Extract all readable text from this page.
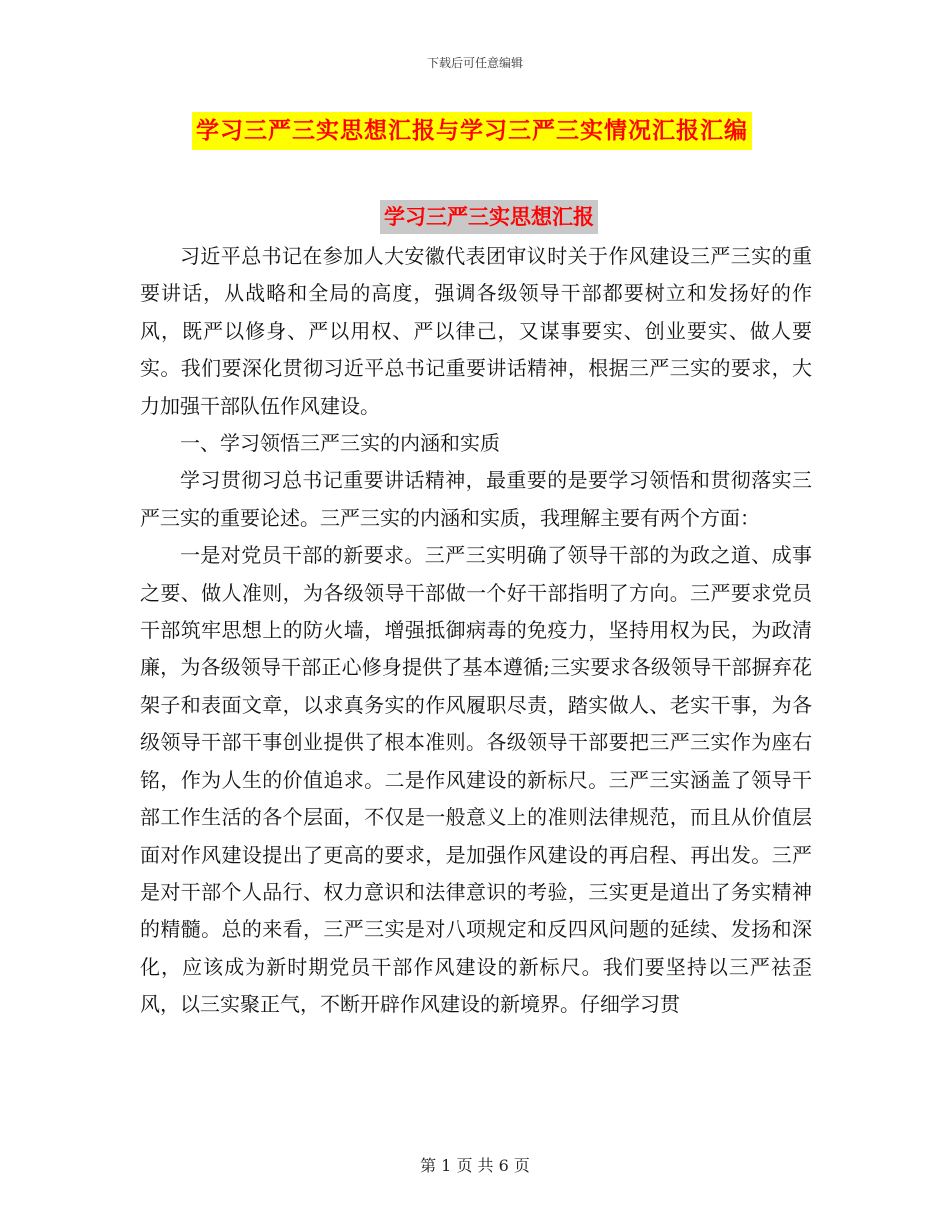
下载后可任意编辑
学习三严三实思想汇报与学习三严三实情况汇报汇编
学习三严三实思想汇报

习近平总书记在参加人大安徽代表团审议时关于作风建设三严三实的重要讲话，从战略和全局的高度，强调各级领导干部都要树立和发扬好的作风，既严以修身、严以用权、严以律己，又谋事要实、创业要实、做人要实。我们要深化贯彻习近平总书记重要讲话精神，根据三严三实的要求，大力加强干部队伍作风建设。

一、学习领悟三严三实的内涵和实质

学习贯彻习总书记重要讲话精神，最重要的是要学习领悟和贯彻落实三严三实的重要论述。三严三实的内涵和实质，我理解主要有两个方面：

一是对党员干部的新要求。三严三实明确了领导干部的为政之道、成事之要、做人准则，为各级领导干部做一个好干部指明了方向。三严要求党员干部筑牢思想上的防火墙，增强抵御病毒的免疫力，坚持用权为民，为政清廉，为各级领导干部正心修身提供了基本遵循;三实要求各级领导干部摒弃花架子和表面文章，以求真务实的作风履职尽责，踏实做人、老实干事，为各级领导干部干事创业提供了根本准则。各级领导干部要把三严三实作为座右铭，作为人生的价值追求。二是作风建设的新标尺。三严三实涵盖了领导干部工作生活的各个层面，不仅是一般意义上的准则法律规范，而且从价值层面对作风建设提出了更高的要求，是加强作风建设的再启程、再出发。三严是对干部个人品行、权力意识和法律意识的考验，三实更是道出了务实精神的精髓。总的来看，三严三实是对八项规定和反四风问题的延续、发扬和深化，应该成为新时期党员干部作风建设的新标尺。我们要坚持以三严祛歪风，以三实聚正气，不断开辟作风建设的新境界。仔细学习贯

第 1 页 共 6 页
